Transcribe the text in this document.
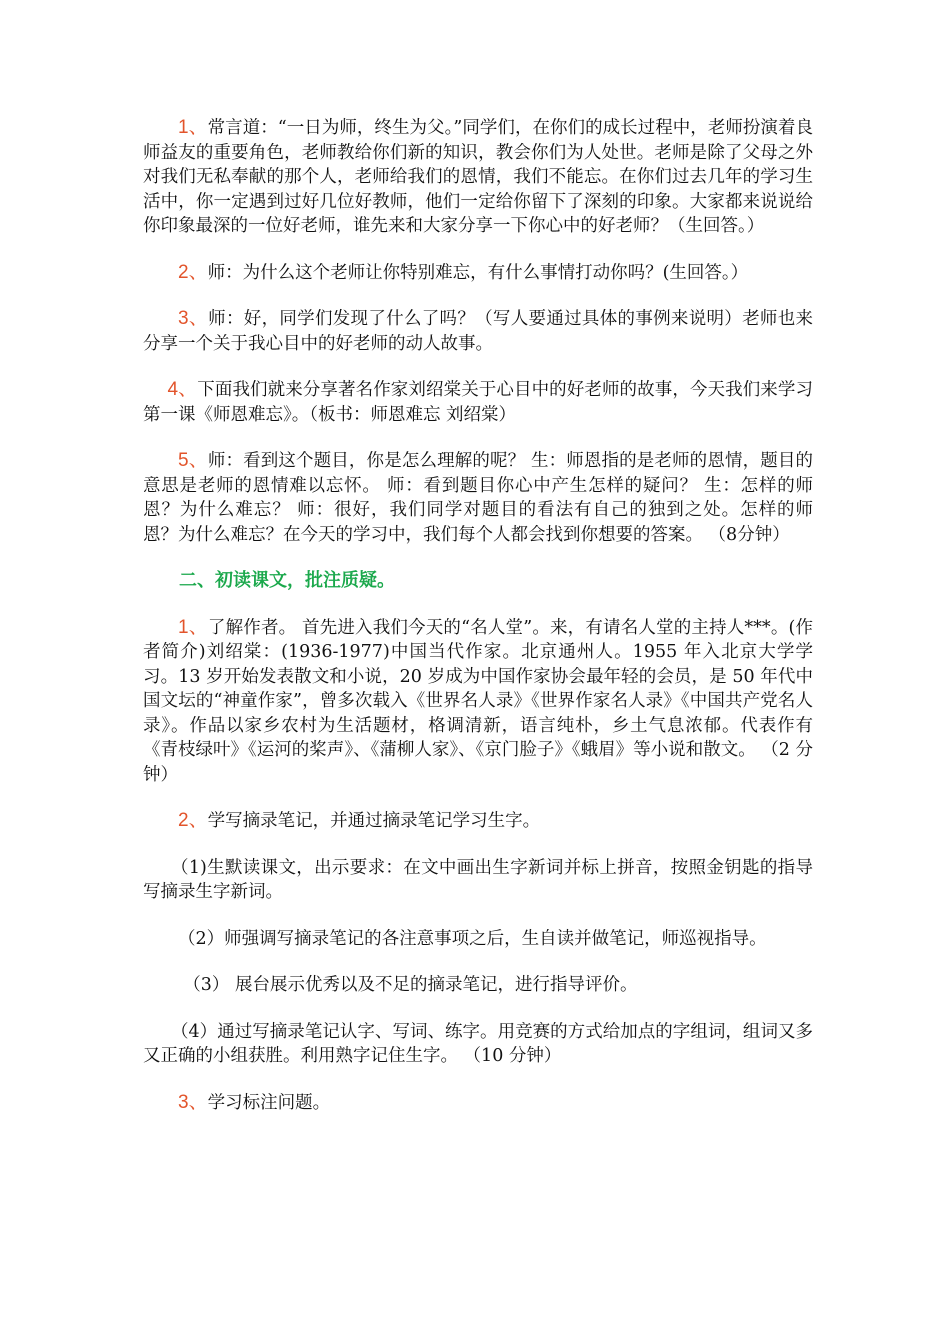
1、常言道：“一日为师，终生为父。”同学们，在你们的成长过程中，老师扮演着良师益友的重要角色，老师教给你们新的知识，教会你们为人处世。老师是除了父母之外对我们无私奉献的那个人，老师给我们的恩情，我们不能忘。在你们过去几年的学习生活中，你一定遇到过好几位好教师，他们一定给你留下了深刻的印象。大家都来说说给你印象最深的一位好老师，谁先来和大家分享一下你心中的好老师？（生回答。）

2、师：为什么这个老师让你特别难忘，有什么事情打动你吗？(生回答。）

3、师：好，同学们发现了什么了吗？（写人要通过具体的事例来说明）老师也来分享一个关于我心目中的好老师的动人故事。

4、下面我们就来分享著名作家刘绍棠关于心目中的好老师的故事，今天我们来学习第一课《师恩难忘》。（板书：师恩难忘 刘绍棠）

5、师：看到这个题目，你是怎么理解的呢？ 生：师恩指的是老师的恩情，题目的意思是老师的恩情难以忘怀。 师：看到题目你心中产生怎样的疑问？ 生：怎样的师恩？为什么难忘？ 师：很好，我们同学对题目的看法有自己的独到之处。怎样的师恩？为什么难忘？在今天的学习中，我们每个人都会找到你想要的答案。 （8分钟）

二、初读课文，批注质疑。

1、了解作者。 首先进入我们今天的“名人堂”。来，有请名人堂的主持人***。(作者简介)刘绍棠：(1936-1977)中国当代作家。北京通州人。1955 年入北京大学学习。13 岁开始发表散文和小说，20 岁成为中国作家协会最年轻的会员，是 50 年代中国文坛的“神童作家”，曾多次载入《世界名人录》《世界作家名人录》《中国共产党名人录》。作品以家乡农村为生活题材，格调清新，语言纯朴，乡土气息浓郁。代表作有《青枝绿叶》《运河的桨声》、《蒲柳人家》、《京门脸子》《蛾眉》等小说和散文。 （2 分钟）

2、学写摘录笔记，并通过摘录笔记学习生字。

（1)生默读课文，出示要求：在文中画出生字新词并标上拼音，按照金钥匙的指导写摘录生字新词。

（2）师强调写摘录笔记的各注意事项之后，生自读并做笔记，师巡视指导。

（3） 展台展示优秀以及不足的摘录笔记，进行指导评价。

（4）通过写摘录笔记认字、写词、练字。用竞赛的方式给加点的字组词，组词又多又正确的小组获胜。利用熟字记住生字。 （10 分钟）

3、学习标注问题。
